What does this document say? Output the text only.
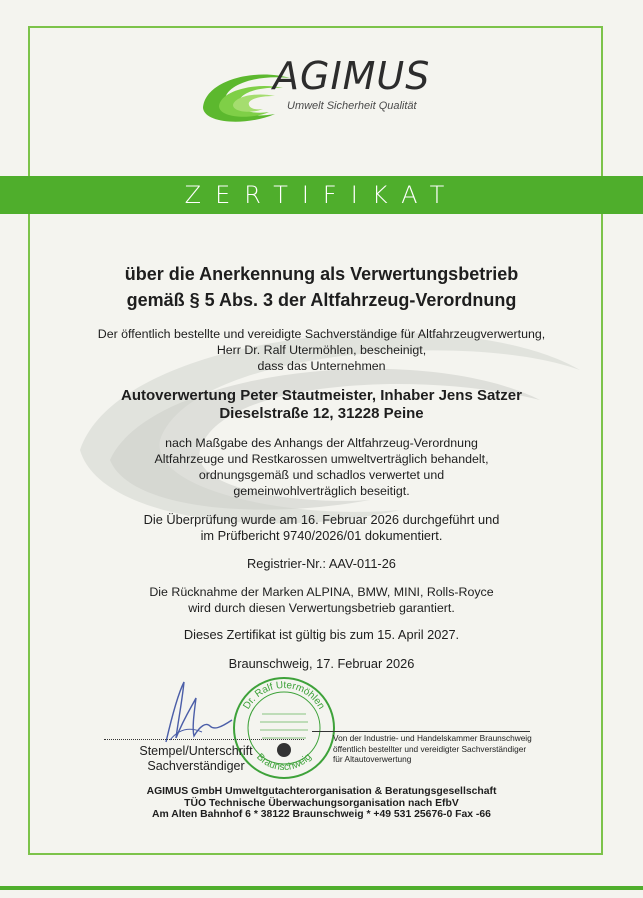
AGIMUS
Umwelt Sicherheit Qualität
ZERTIFIKAT
über die Anerkennung als Verwertungsbetrieb
gemäß § 5 Abs. 3 der Altfahrzeug-Verordnung
Der öffentlich bestellte und vereidigte Sachverständige für Altfahrzeugverwertung,
Herr Dr. Ralf Utermöhlen, bescheinigt,
dass das Unternehmen
Autoverwertung Peter Stautmeister, Inhaber Jens Satzer
Dieselstraße 12, 31228 Peine
nach Maßgabe des Anhangs der Altfahrzeug-Verordnung
Altfahrzeuge und Restkarossen umweltverträglich behandelt,
ordnungsgemäß und schadlos verwertet und
gemeinwohlverträglich beseitigt.
Die Überprüfung wurde am 16. Februar 2026 durchgeführt und
im Prüfbericht 9740/2026/01 dokumentiert.
Registrier-Nr.: AAV-011-26
Die Rücknahme der Marken ALPINA, BMW, MINI, Rolls-Royce
wird durch diesen Verwertungsbetrieb garantiert.
Dieses Zertifikat ist gültig bis zum 15. April 2027.
Braunschweig, 17. Februar 2026
Dr. Ralf Utermöhlen
Braunschweig
Stempel/Unterschrift
Sachverständiger
Von der Industrie- und Handelskammer Braunschweig
öffentlich bestellter und vereidigter Sachverständiger
für Altautoverwertung
AGIMUS GmbH Umweltgutachterorganisation & Beratungsgesellschaft
TÜO Technische Überwachungsorganisation nach EfbV
Am Alten Bahnhof 6 * 38122 Braunschweig * +49 531 25676-0 Fax -66
